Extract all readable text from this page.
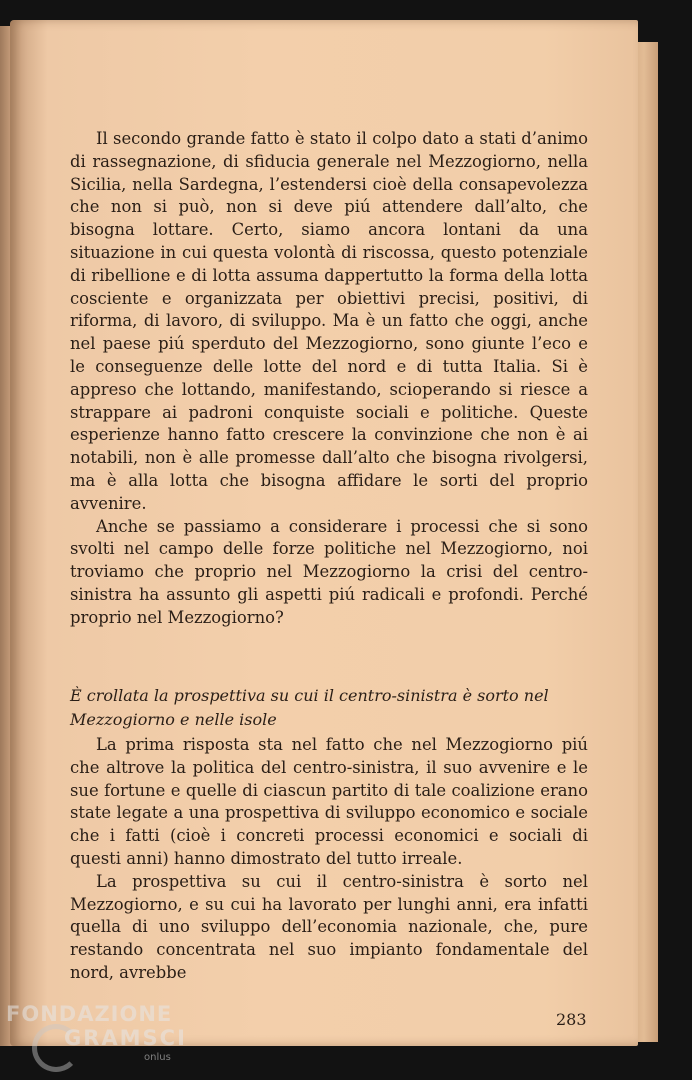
Il secondo grande fatto è stato il colpo dato a stati d’animo di rassegnazione, di sfiducia generale nel Mezzogiorno, nella Sicilia, nella Sardegna, l’estendersi cioè della consapevolezza che non si può, non si deve piú attendere dall’alto, che bisogna lottare. Certo, siamo ancora lontani da una situazione in cui questa volontà di riscossa, questo potenziale di ribellione e di lotta assuma dappertutto la forma della lotta cosciente e organizzata per obiettivi precisi, positivi, di riforma, di lavoro, di sviluppo. Ma è un fatto che oggi, anche nel paese piú sperduto del Mezzogiorno, sono giunte l’eco e le conseguenze delle lotte del nord e di tutta Italia. Si è appreso che lottando, manifestando, scioperando si riesce a strappare ai padroni conquiste sociali e politiche. Queste esperienze hanno fatto crescere la convinzione che non è ai notabili, non è alle promesse dall’alto che bisogna rivolgersi, ma è alla lotta che bisogna affidare le sorti del proprio avvenire.

Anche se passiamo a considerare i processi che si sono svolti nel campo delle forze politiche nel Mezzogiorno, noi troviamo che proprio nel Mezzogiorno la crisi del centro-sinistra ha assunto gli aspetti piú radicali e profondi. Perché proprio nel Mezzogiorno?

È crollata la prospettiva su cui il centro-sinistra è sorto nel Mezzogiorno e nelle isole

La prima risposta sta nel fatto che nel Mezzogiorno piú che altrove la politica del centro-sinistra, il suo avvenire e le sue fortune e quelle di ciascun partito di tale coalizione erano state legate a una prospettiva di sviluppo economico e sociale che i fatti (cioè i concreti processi economici e sociali di questi anni) hanno dimostrato del tutto irreale.

La prospettiva su cui il centro-sinistra è sorto nel Mezzogiorno, e su cui ha lavorato per lunghi anni, era infatti quella di uno sviluppo dell’economia nazionale, che, pure restando concentrata nel suo impianto fondamentale del nord, avrebbe

283
FONDAZIONE
GRAMSCI
onlus
